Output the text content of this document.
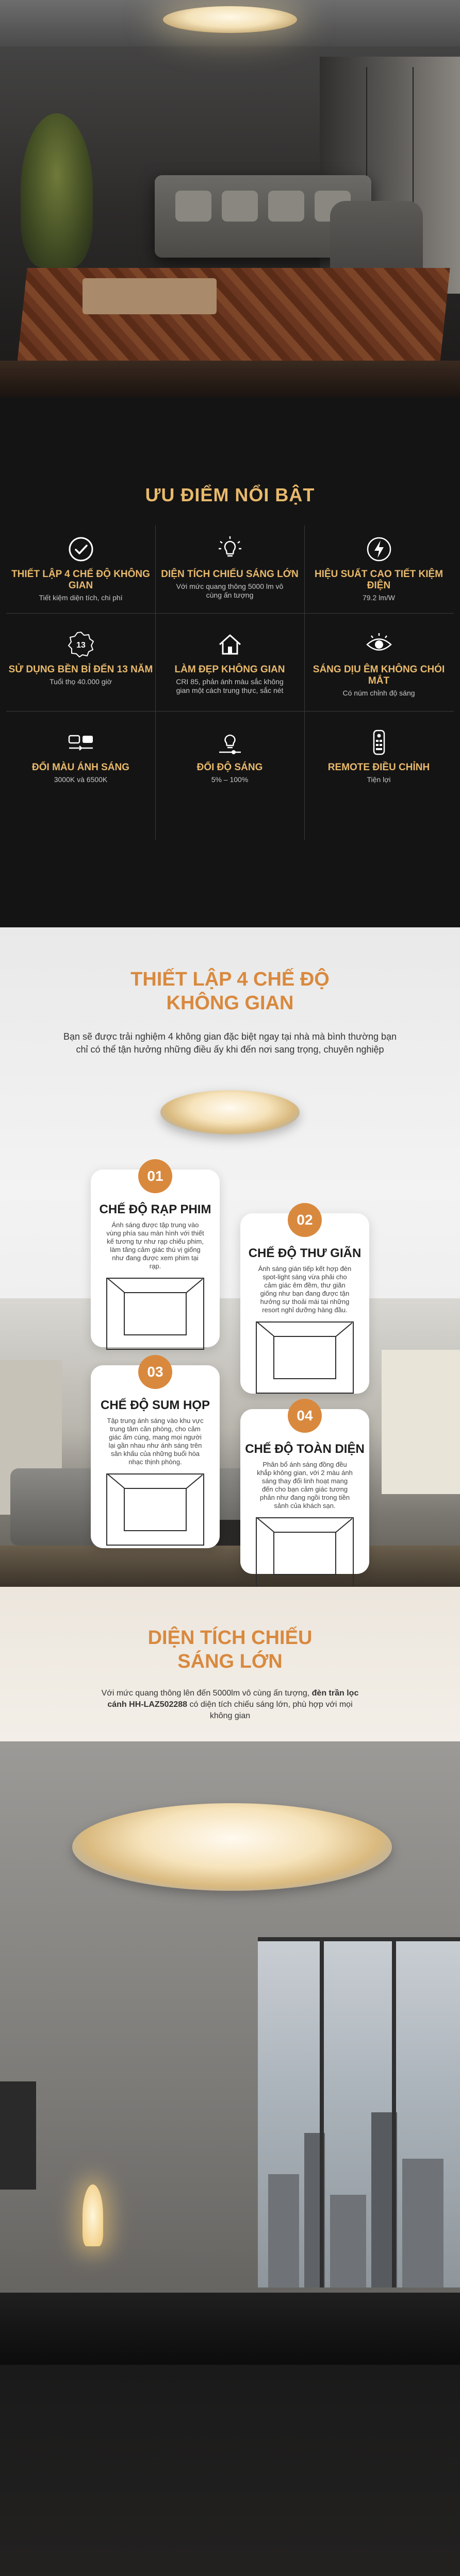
ƯU ĐIỂM NỔI BẬT
THIẾT LẬP 4 CHẾ ĐỘ KHÔNG GIAN
Tiết kiệm diện tích, chi phí
DIỆN TÍCH CHIẾU SÁNG LỚN
Với mức quang thông 5000 lm vô cùng ấn tượng
HIỆU SUẤT CAO TIẾT KIỆM ĐIỆN
79.2 lm/W
13
SỬ DỤNG BỀN BỈ ĐẾN 13 NĂM
Tuổi thọ 40.000 giờ
LÀM ĐẸP KHÔNG GIAN
CRI 85, phản ánh màu sắc không gian một cách trung thực, sắc nét
SÁNG DỊU ÊM KHÔNG CHÓI MẮT
Có núm chỉnh độ sáng
ĐỔI MÀU ÁNH SÁNG
3000K và 6500K
ĐỔI ĐỘ SÁNG
5% – 100%
REMOTE ĐIỀU CHỈNH
Tiện lợi
THIẾT LẬP 4 CHẾ ĐỘ
KHÔNG GIAN

Bạn sẽ được trải nghiệm 4 không gian đặc biệt ngay tại nhà mà bình thường bạn chỉ có thể tận hưởng những điều ấy khi đến nơi sang trọng, chuyên nghiệp

01
CHẾ ĐỘ RẠP PHIM
Ánh sáng được tập trung vào vùng phía sau màn hình với thiết kế tương tự như rạp chiếu phim, làm tăng cảm giác thú vị giống như đang được xem phim tại rạp.
02
CHẾ ĐỘ THƯ GIÃN
Ánh sáng gián tiếp kết hợp đèn spot-light sáng vừa phải cho cảm giác êm đềm, thư giãn giống như bạn đang được tận hưởng sự thoải mái tại những resort nghỉ dưỡng hàng đầu.
03
CHẾ ĐỘ SUM HỌP
Tập trung ánh sáng vào khu vực trung tâm căn phòng, cho cảm giác ấm cúng, mang mọi người lại gần nhau như ánh sáng trên sân khấu của những buổi hòa nhạc thịnh phòng.
04
CHẾ ĐỘ TOÀN DIỆN
Phân bổ ánh sáng đồng đều khắp không gian, với 2 màu ánh sáng thay đổi linh hoạt mang đến cho bạn cảm giác tương phản như đang ngồi trong tiền sảnh của khách sạn.
DIỆN TÍCH CHIẾU
SÁNG LỚN

Với mức quang thông lên đến 5000lm vô cùng ấn tượng, đèn trần lọc cánh HH-LAZ502288 có diện tích chiếu sáng lớn, phù hợp với mọi không gian
